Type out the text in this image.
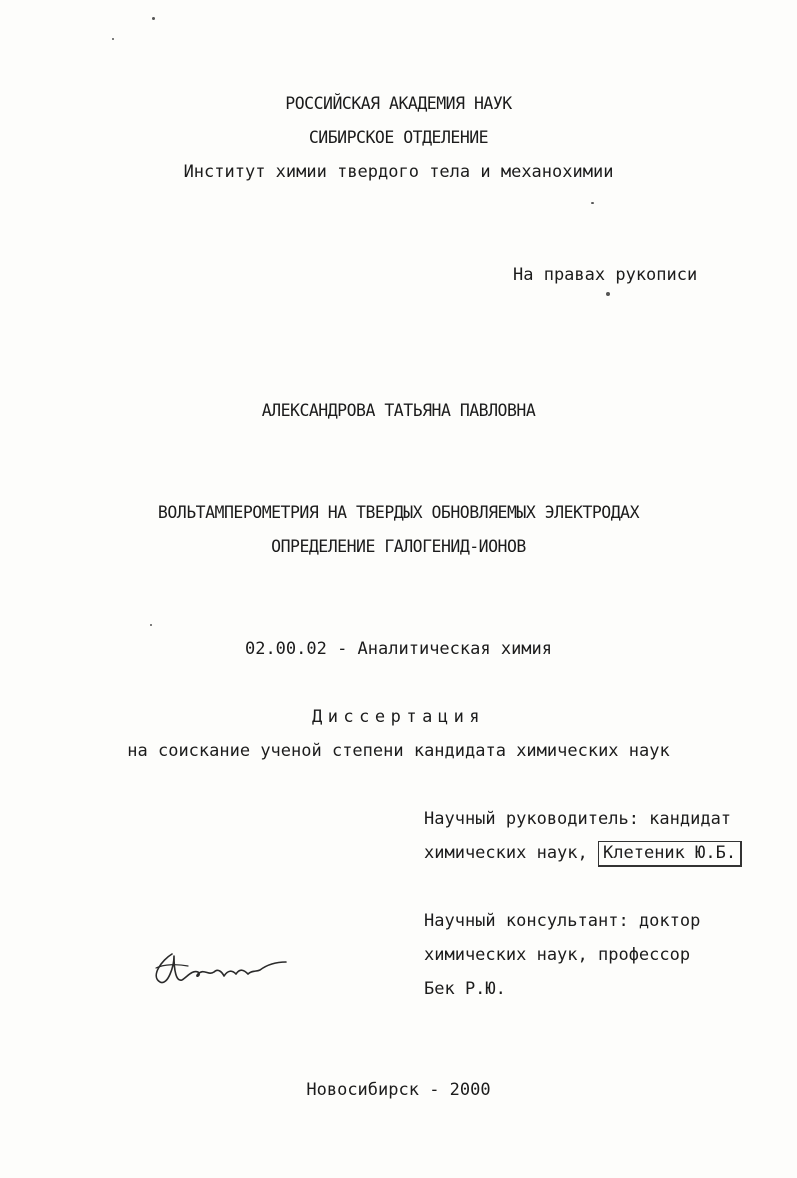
РОССИЙСКАЯ АКАДЕМИЯ НАУК
СИБИРСКОЕ ОТДЕЛЕНИЕ
Институт химии твердого тела и механохимии
На правах рукописи
АЛЕКСАНДРОВА ТАТЬЯНА ПАВЛОВНА
ВОЛЬТАМПЕРОМЕТРИЯ НА ТВЕРДЫХ ОБНОВЛЯЕМЫХ ЭЛЕКТРОДАХ
ОПРЕДЕЛЕНИЕ ГАЛОГЕНИД-ИОНОВ
02.00.02 - Аналитическая химия
Диссертация
на соискание ученой степени кандидата химических наук
Научный руководитель: кандидат
химических наук, Клетеник Ю.Б.
Научный консультант: доктор
химических наук, профессор
Бек Р.Ю.
Новосибирск - 2000
